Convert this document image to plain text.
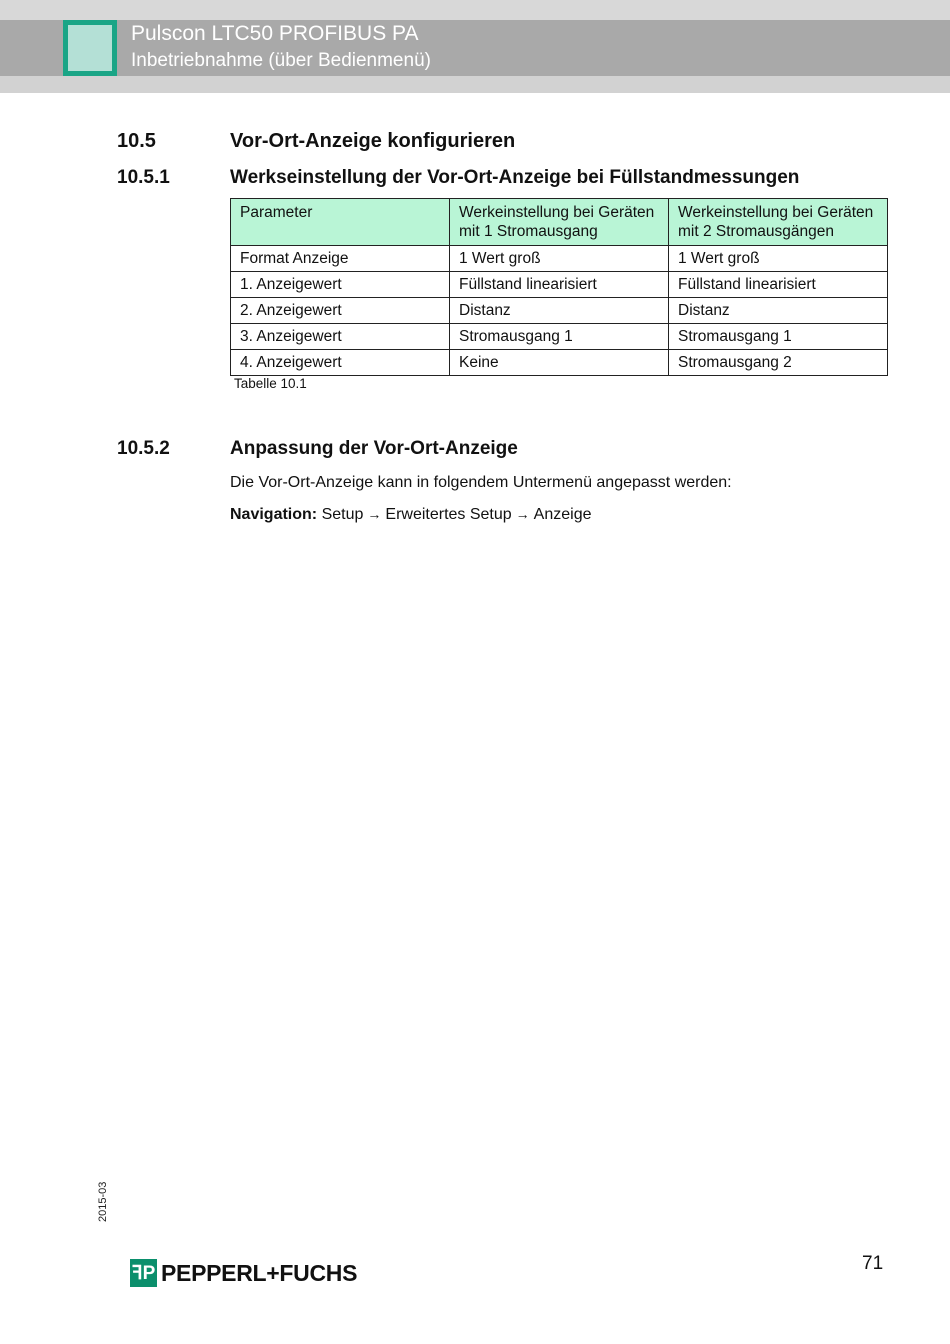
Pulscon LTC50 PROFIBUS PA
Inbetriebnahme (über Bedienmenü)
10.5	Vor-Ort-Anzeige konfigurieren
10.5.1	Werkseinstellung der Vor-Ort-Anzeige bei Füllstandmessungen
Parameter	Werkeinstellung bei Geräten mit 1 Stromausgang	Werkeinstellung bei Geräten mit 2 Stromausgängen
Format Anzeige	1 Wert groß	1 Wert groß
1. Anzeigewert	Füllstand linearisiert	Füllstand linearisiert
2. Anzeigewert	Distanz	Distanz
3. Anzeigewert	Stromausgang 1	Stromausgang 1
4. Anzeigewert	Keine	Stromausgang 2
Tabelle 10.1
10.5.2	Anpassung der Vor-Ort-Anzeige
Die Vor-Ort-Anzeige kann in folgendem Untermenü angepasst werden:
Navigation: Setup → Erweitertes Setup → Anzeige
2015-03
ꟻP PEPPERL+FUCHS	71
